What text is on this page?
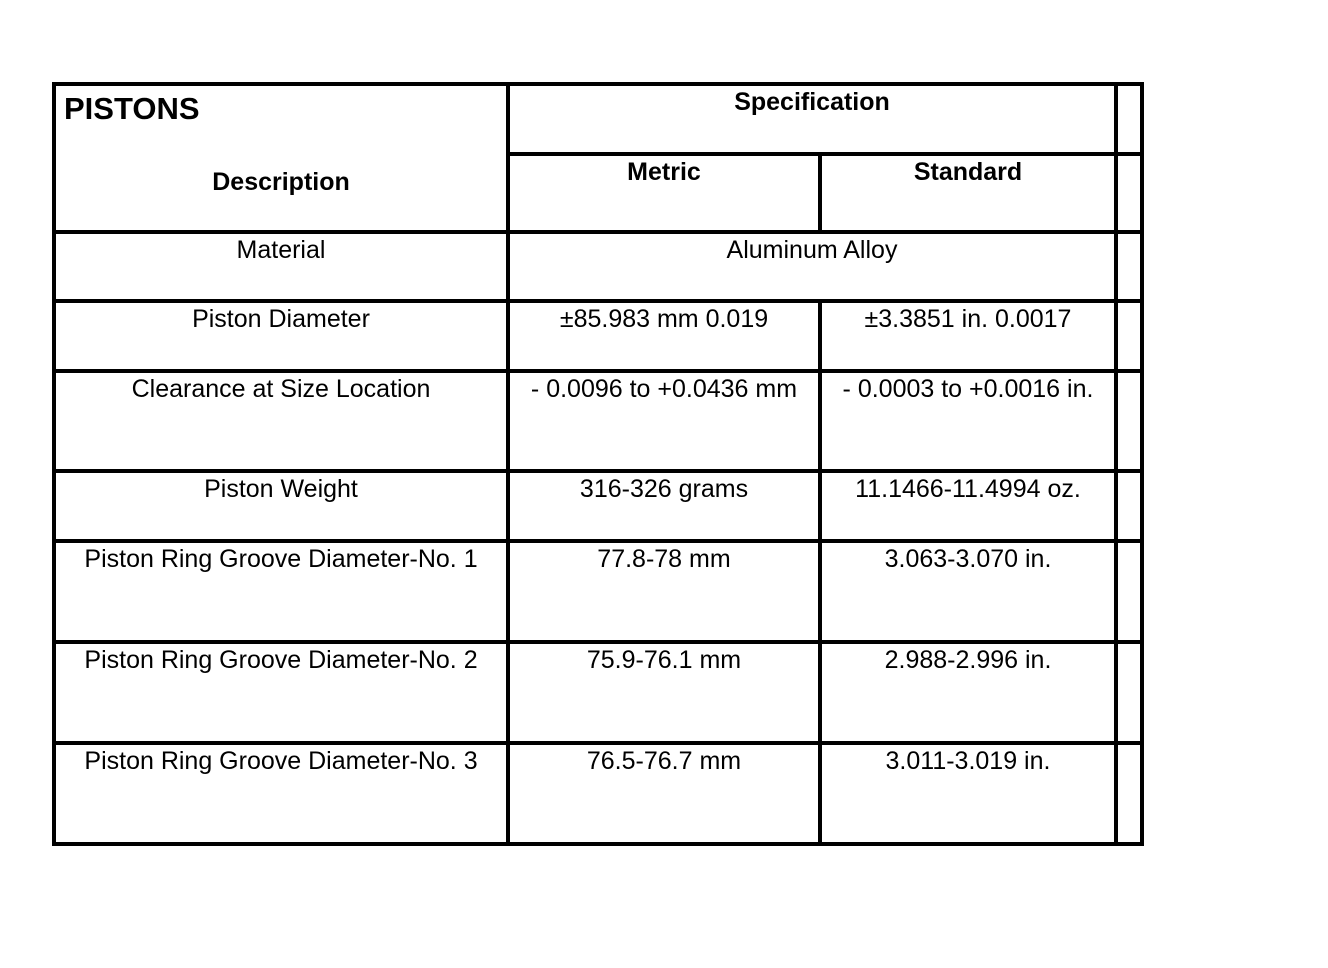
PISTONS
Description	Specification		
	Metric	Standard	
Material	Aluminum Alloy		
Piston Diameter	±85.983 mm 0.019	±3.3851 in. 0.0017	
Clearance at Size Location	- 0.0096 to +0.0436 mm	- 0.0003 to +0.0016 in.	
Piston Weight	316-326 grams	11.1466-11.4994 oz.	
Piston Ring Groove Diameter-No. 1	77.8-78 mm	3.063-3.070 in.	
Piston Ring Groove Diameter-No. 2	75.9-76.1 mm	2.988-2.996 in.	
Piston Ring Groove Diameter-No. 3	76.5-76.7 mm	3.011-3.019 in.	
